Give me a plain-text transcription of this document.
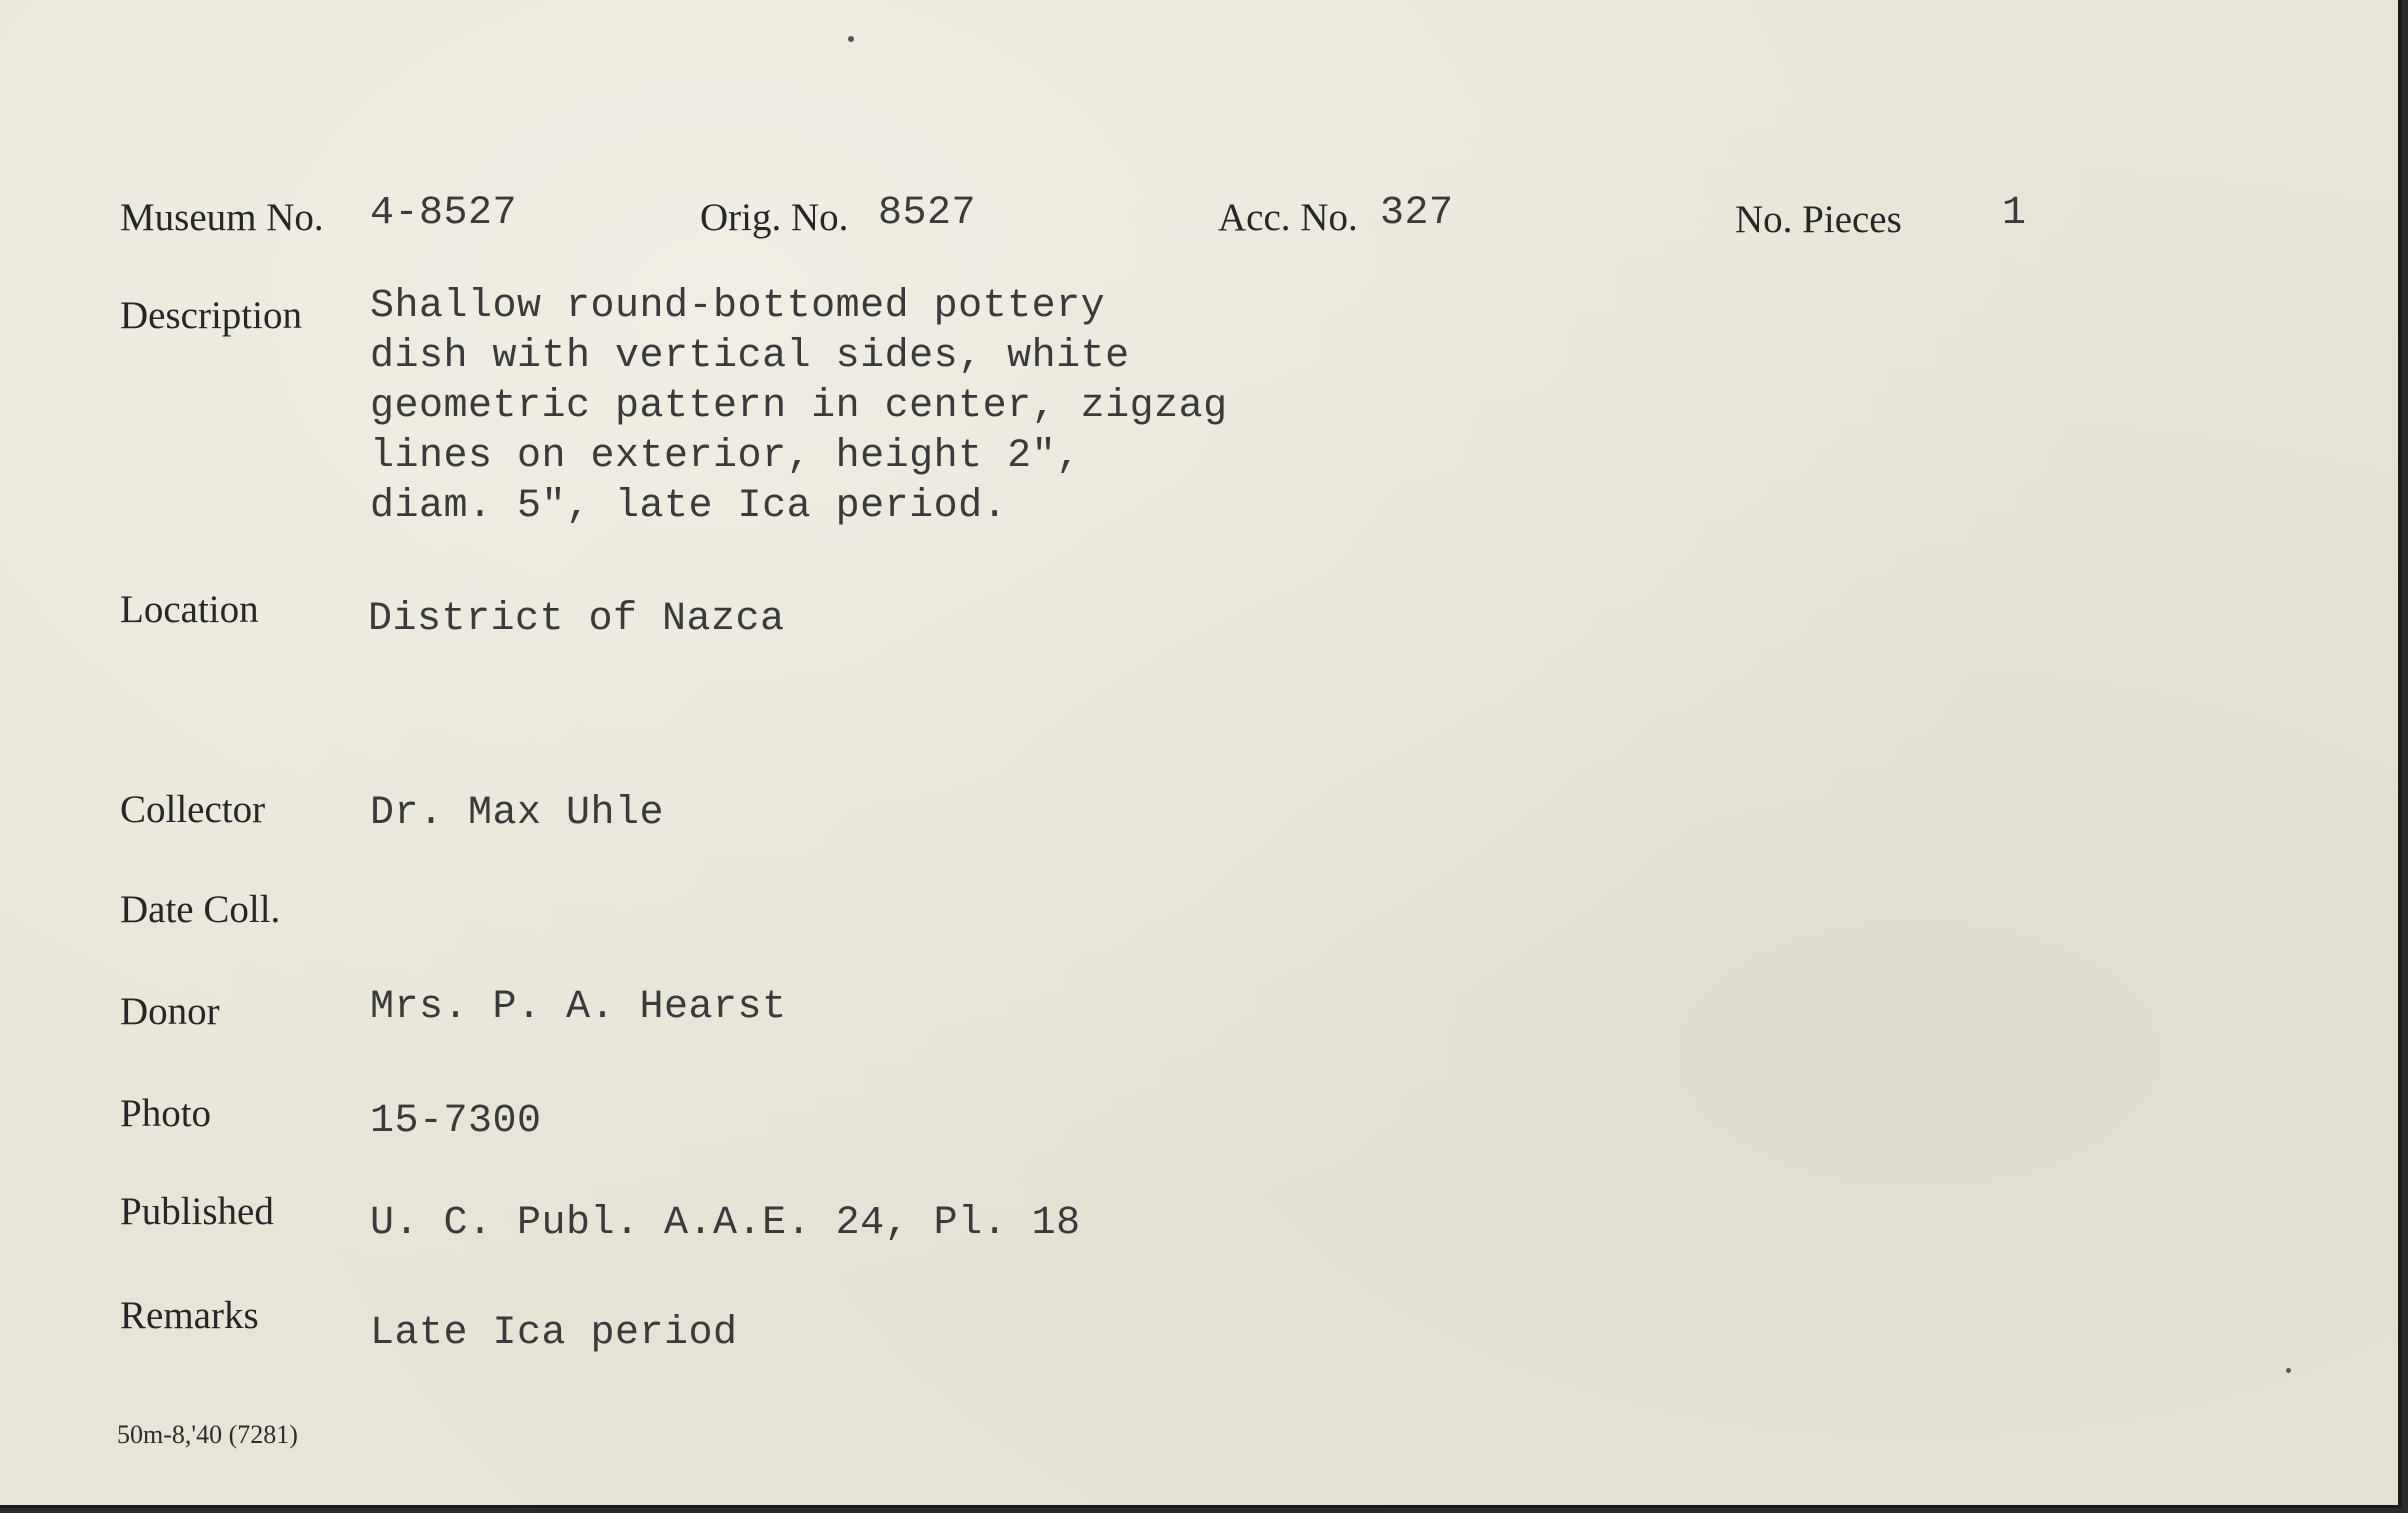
Museum No. 4-8527	Orig. No. 8527	Acc. No. 327	No. Pieces	1
Description Shallow round-bottomed pottery
dish with vertical sides, white
geometric pattern in center, zigzag
lines on exterior, height 2",
diam. 5", late Ica period.
Location	District of Nazca
Collector	Dr. Max Uhle
Date Coll.
Donor	Mrs. P. A. Hearst
Photo	15-7300
Published U. C. Publ. A.A.E. 24, Pl. 18
Remarks	Late Ica period
50m-8,'40 (7281)
